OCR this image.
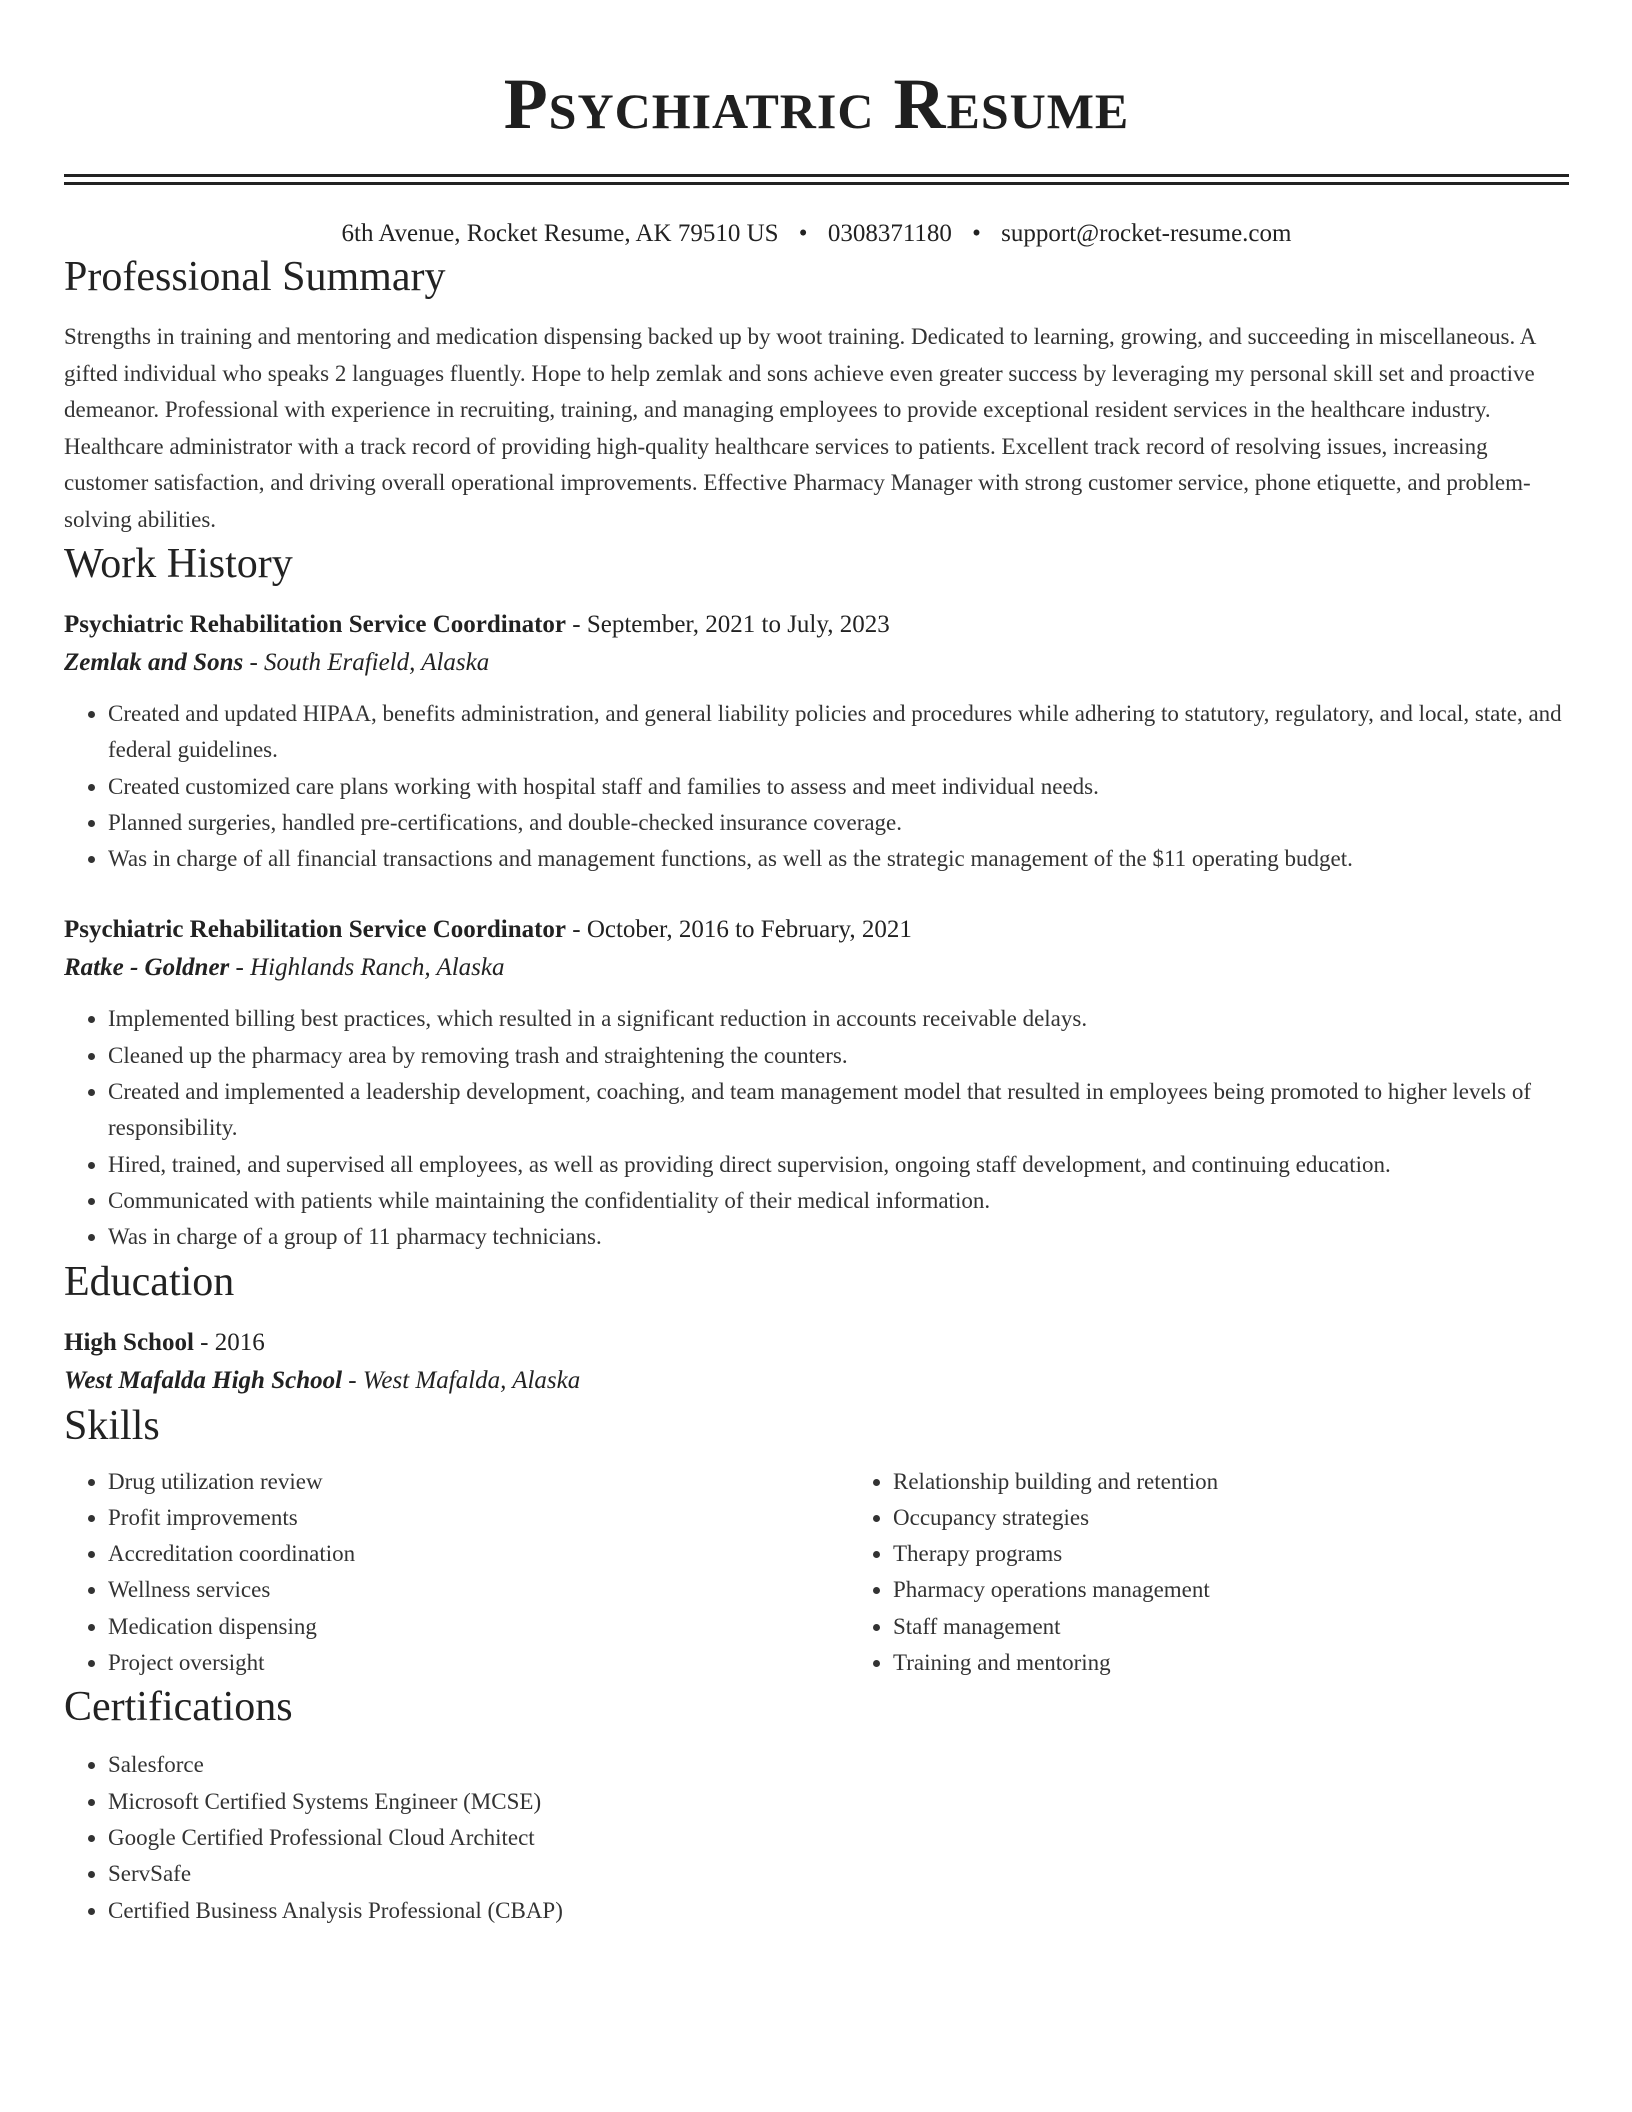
Psychiatric Resume
6th Avenue, Rocket Resume, AK 79510 US • 0308371180 • support@rocket-resume.com
Professional Summary
Strengths in training and mentoring and medication dispensing backed up by woot training. Dedicated to learning, growing, and succeeding in miscellaneous. A gifted individual who speaks 2 languages fluently. Hope to help zemlak and sons achieve even greater success by leveraging my personal skill set and proactive demeanor. Professional with experience in recruiting, training, and managing employees to provide exceptional resident services in the healthcare industry. Healthcare administrator with a track record of providing high-quality healthcare services to patients. Excellent track record of resolving issues, increasing customer satisfaction, and driving overall operational improvements. Effective Pharmacy Manager with strong customer service, phone etiquette, and problem-solving abilities.
Work History
Psychiatric Rehabilitation Service Coordinator - September, 2021 to July, 2023
Zemlak and Sons - South Erafield, Alaska
• Created and updated HIPAA, benefits administration, and general liability policies and procedures while adhering to statutory, regulatory, and local, state, and federal guidelines.
• Created customized care plans working with hospital staff and families to assess and meet individual needs.
• Planned surgeries, handled pre-certifications, and double-checked insurance coverage.
• Was in charge of all financial transactions and management functions, as well as the strategic management of the $11 operating budget.
Psychiatric Rehabilitation Service Coordinator - October, 2016 to February, 2021
Ratke - Goldner - Highlands Ranch, Alaska
• Implemented billing best practices, which resulted in a significant reduction in accounts receivable delays.
• Cleaned up the pharmacy area by removing trash and straightening the counters.
• Created and implemented a leadership development, coaching, and team management model that resulted in employees being promoted to higher levels of responsibility.
• Hired, trained, and supervised all employees, as well as providing direct supervision, ongoing staff development, and continuing education.
• Communicated with patients while maintaining the confidentiality of their medical information.
• Was in charge of a group of 11 pharmacy technicians.
Education
High School - 2016
West Mafalda High School - West Mafalda, Alaska
Skills
• Drug utilization review
• Profit improvements
• Accreditation coordination
• Wellness services
• Medication dispensing
• Project oversight
• Relationship building and retention
• Occupancy strategies
• Therapy programs
• Pharmacy operations management
• Staff management
• Training and mentoring
Certifications
• Salesforce
• Microsoft Certified Systems Engineer (MCSE)
• Google Certified Professional Cloud Architect
• ServSafe
• Certified Business Analysis Professional (CBAP)
